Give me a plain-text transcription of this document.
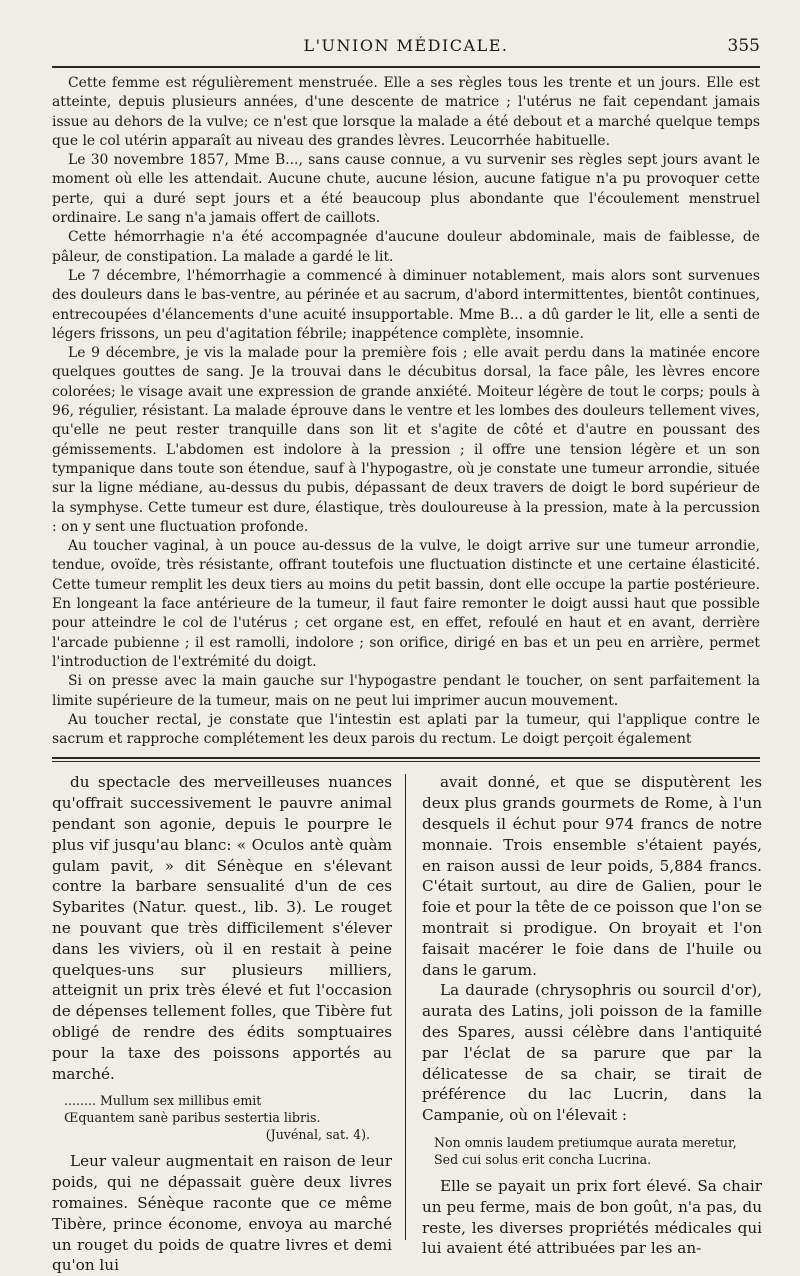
L'UNION MÉDICALE.	355

Cette femme est régulièrement menstruée. Elle a ses règles tous les trente et un jours. Elle est atteinte, depuis plusieurs années, d'une descente de matrice ; l'utérus ne fait cependant jamais issue au dehors de la vulve; ce n'est que lorsque la malade a été debout et a marché quelque temps que le col utérin apparaît au niveau des grandes lèvres. Leucorrhée habituelle.

Le 30 novembre 1857, Mme B..., sans cause connue, a vu survenir ses règles sept jours avant le moment où elle les attendait. Aucune chute, aucune lésion, aucune fatigue n'a pu provoquer cette perte, qui a duré sept jours et a été beaucoup plus abondante que l'écoulement menstruel ordinaire. Le sang n'a jamais offert de caillots.

Cette hémorrhagie n'a été accompagnée d'aucune douleur abdominale, mais de faiblesse, de pâleur, de constipation. La malade a gardé le lit.

Le 7 décembre, l'hémorrhagie a commencé à diminuer notablement, mais alors sont survenues des douleurs dans le bas-ventre, au périnée et au sacrum, d'abord intermittentes, bientôt continues, entrecoupées d'élancements d'une acuité insupportable. Mme B... a dû garder le lit, elle a senti de légers frissons, un peu d'agitation fébrile; inappétence complète, insomnie.

Le 9 décembre, je vis la malade pour la première fois ; elle avait perdu dans la matinée encore quelques gouttes de sang. Je la trouvai dans le décubitus dorsal, la face pâle, les lèvres encore colorées; le visage avait une expression de grande anxiété. Moiteur légère de tout le corps; pouls à 96, régulier, résistant. La malade éprouve dans le ventre et les lombes des douleurs tellement vives, qu'elle ne peut rester tranquille dans son lit et s'agite de côté et d'autre en poussant des gémissements. L'abdomen est indolore à la pression ; il offre une tension légère et un son tympanique dans toute son étendue, sauf à l'hypogastre, où je constate une tumeur arrondie, située sur la ligne médiane, au-dessus du pubis, dépassant de deux travers de doigt le bord supérieur de la symphyse. Cette tumeur est dure, élastique, très douloureuse à la pression, mate à la percussion : on y sent une fluctuation profonde.

Au toucher vaginal, à un pouce au-dessus de la vulve, le doigt arrive sur une tumeur arrondie, tendue, ovoïde, très résistante, offrant toutefois une fluctuation distincte et une certaine élasticité. Cette tumeur remplit les deux tiers au moins du petit bassin, dont elle occupe la partie postérieure. En longeant la face antérieure de la tumeur, il faut faire remonter le doigt aussi haut que possible pour atteindre le col de l'utérus ; cet organe est, en effet, refoulé en haut et en avant, derrière l'arcade pubienne ; il est ramolli, indolore ; son orifice, dirigé en bas et un peu en arrière, permet l'introduction de l'extrémité du doigt.

Si on presse avec la main gauche sur l'hypogastre pendant le toucher, on sent parfaitement la limite supérieure de la tumeur, mais on ne peut lui imprimer aucun mouvement.

Au toucher rectal, je constate que l'intestin est aplati par la tumeur, qui l'applique contre le sacrum et rapproche complétement les deux parois du rectum. Le doigt perçoit également

du spectacle des merveilleuses nuances qu'offrait successivement le pauvre animal pendant son agonie, depuis le pourpre le plus vif jusqu'au blanc: « Oculos antè quàm gulam pavit, » dit Sénèque en s'élevant contre la barbare sensualité d'un de ces Sybarites (Natur. quest., lib. 3). Le rouget ne pouvant que très difficilement s'élever dans les viviers, où il en restait à peine quelques-uns sur plusieurs milliers, atteignit un prix très élevé et fut l'occasion de dépenses tellement folles, que Tibère fut obligé de rendre des édits somptuaires pour la taxe des poissons apportés au marché.

........ Mullum sex millibus emit
Œquantem sanè paribus sestertia libris.
(Juvénal, sat. 4).

Leur valeur augmentait en raison de leur poids, qui ne dépassait guère deux livres romaines. Sénèque raconte que ce même Tibère, prince économe, envoya au marché un rouget du poids de quatre livres et demi qu'on lui

avait donné, et que se disputèrent les deux plus grands gourmets de Rome, à l'un desquels il échut pour 974 francs de notre monnaie. Trois ensemble s'étaient payés, en raison aussi de leur poids, 5,884 francs. C'était surtout, au dire de Galien, pour le foie et pour la tête de ce poisson que l'on se montrait si prodigue. On broyait et l'on faisait macérer le foie dans de l'huile ou dans le garum.

La daurade (chrysophris ou sourcil d'or), aurata des Latins, joli poisson de la famille des Spares, aussi célèbre dans l'antiquité par l'éclat de sa parure que par la délicatesse de sa chair, se tirait de préférence du lac Lucrin, dans la Campanie, où on l'élevait :

Non omnis laudem pretiumque aurata meretur,
Sed cui solus erit concha Lucrina.

Elle se payait un prix fort élevé. Sa chair un peu ferme, mais de bon goût, n'a pas, du reste, les diverses propriétés médicales qui lui avaient été attribuées par les an-
